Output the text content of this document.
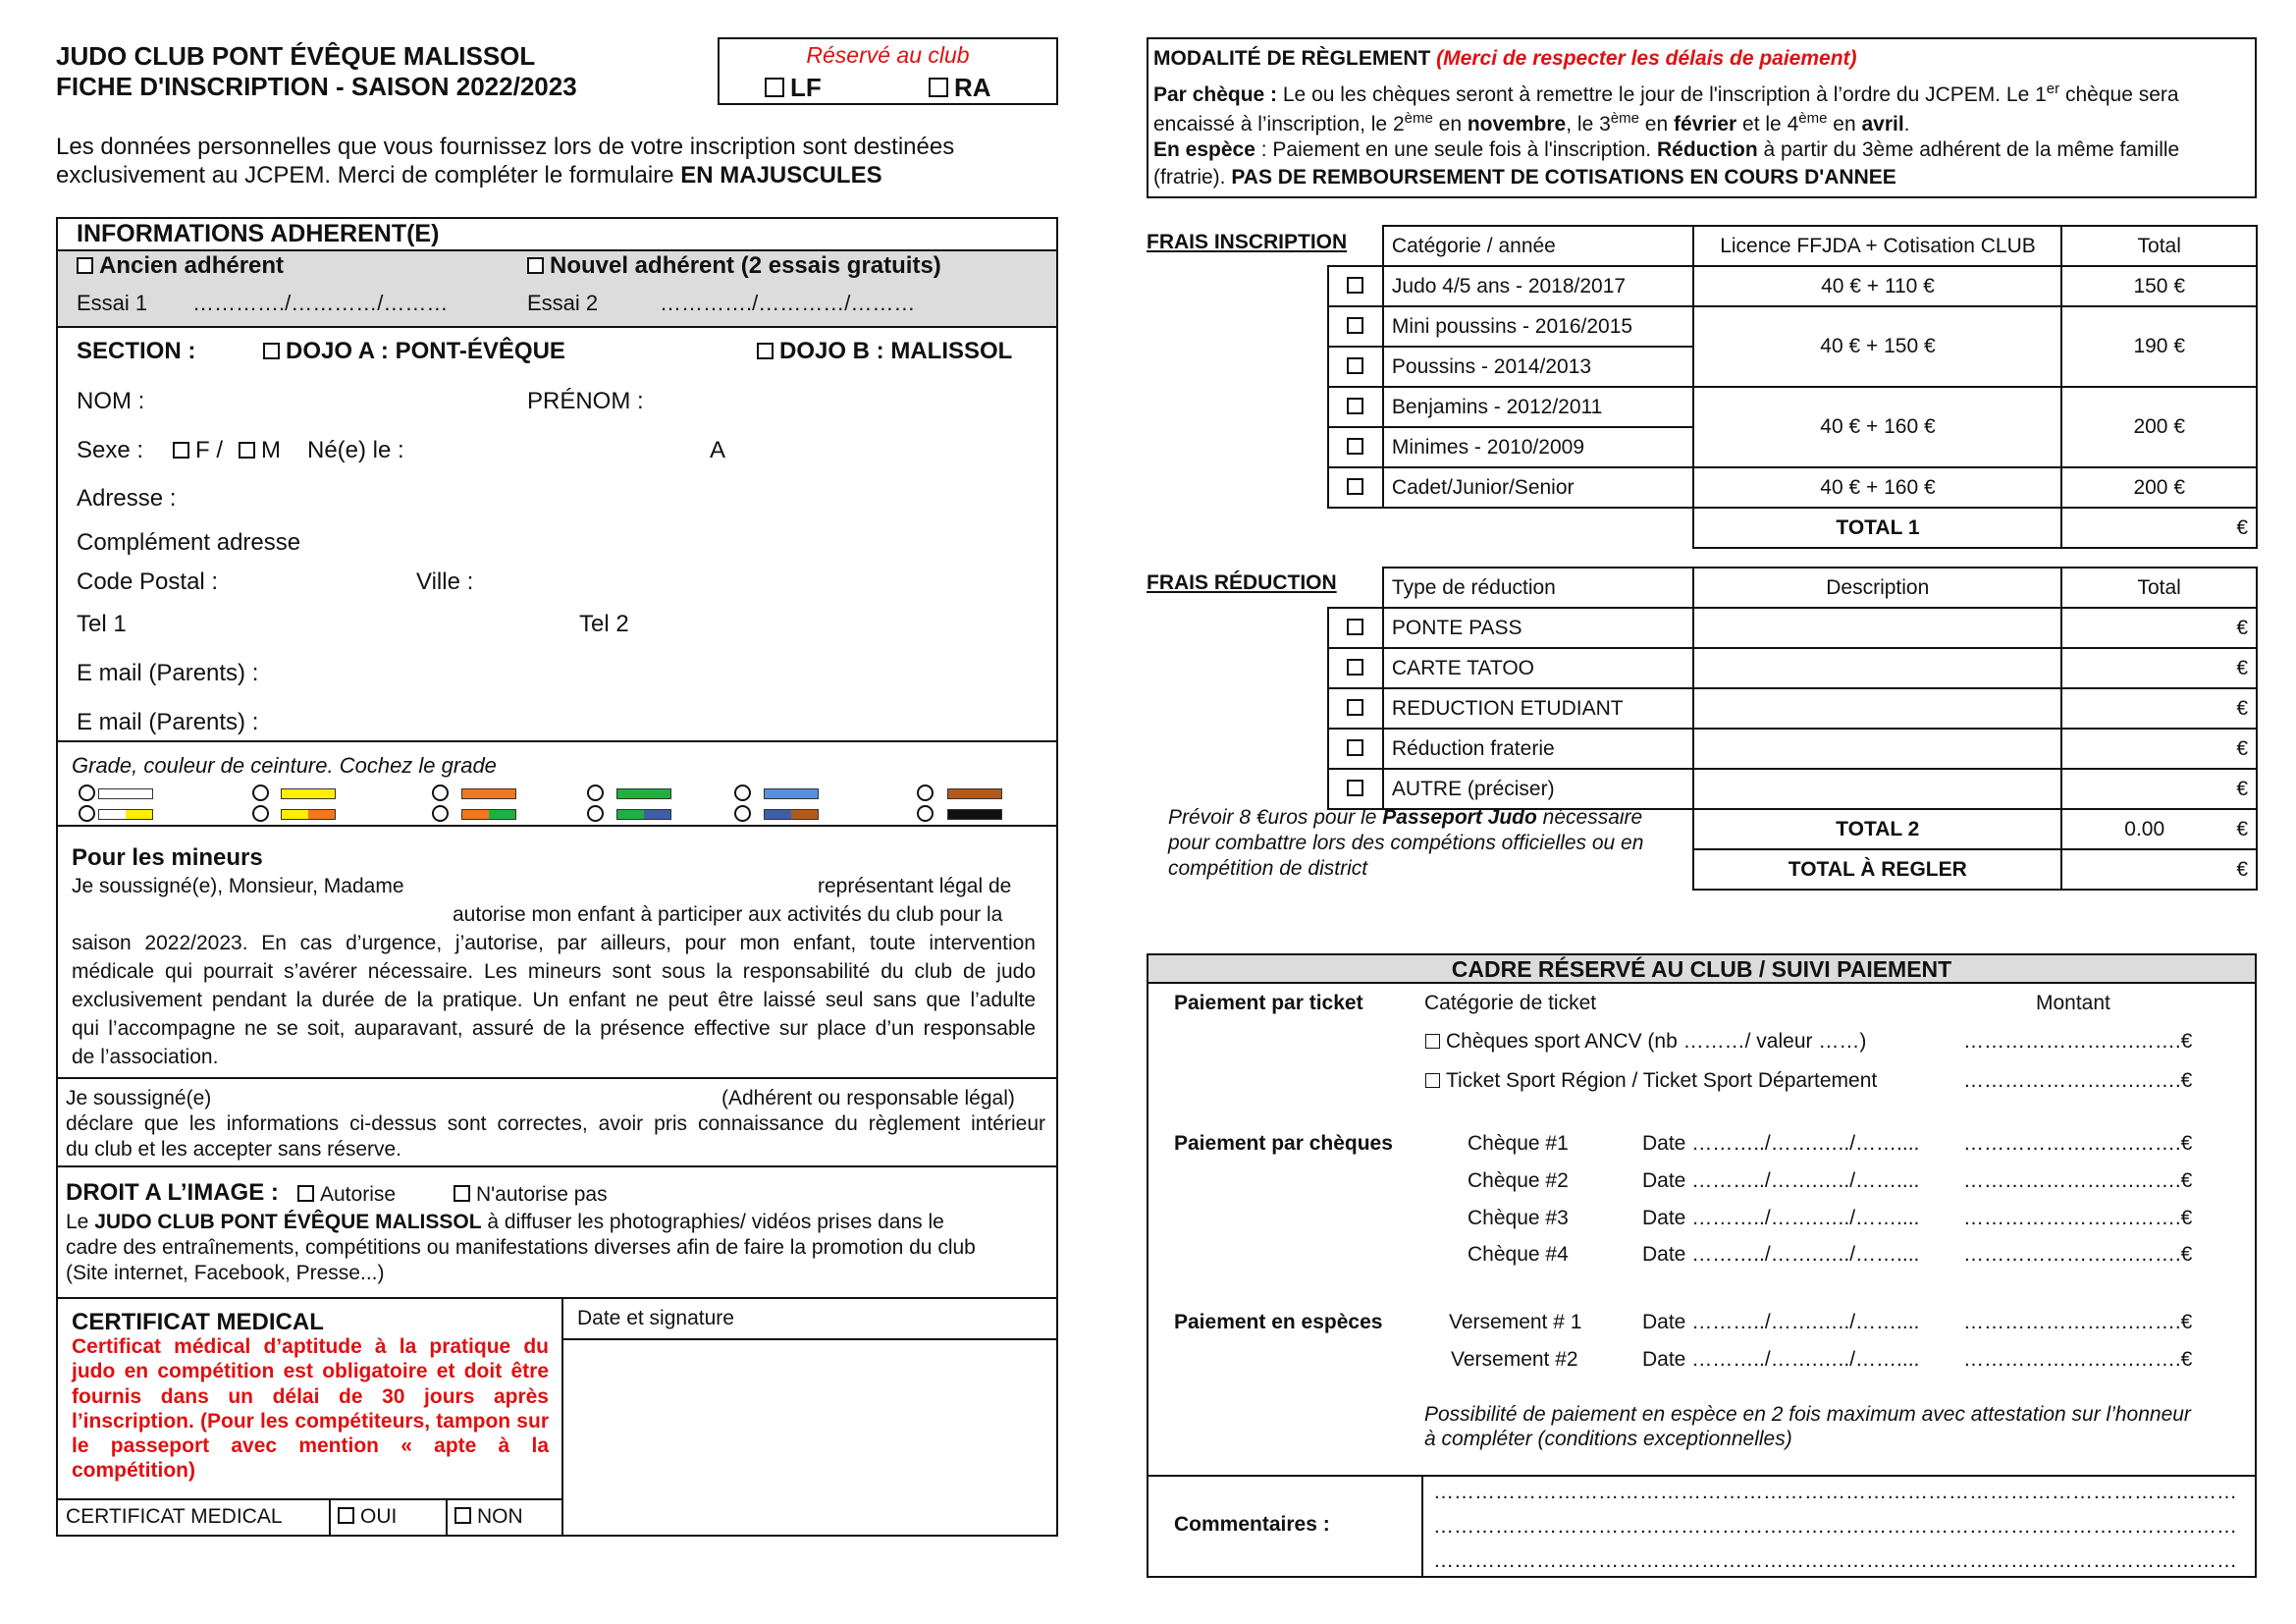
JUDO CLUB PONT ÉVÊQUE MALISSOL
FICHE D'INSCRIPTION - SAISON 2022/2023
Réservé au club
LF	RA
Les données personnelles que vous fournissez lors de votre inscription sont destinées
exclusivement au JCPEM. Merci de compléter le formulaire EN MAJUSCULES
INFORMATIONS ADHERENT(E)
Ancien adhérent	Nouvel adhérent (2 essais gratuits)
Essai 1 …………./…………/………	Essai 2	…………./…………/………
SECTION :	DOJO A : PONT-ÉVÊQUE	DOJO B : MALISSOL
NOM :	PRÉNOM :
Sexe :	F /	M Né(e) le :	A
Adresse :
Complément adresse
Code Postal :	Ville :
Tel 1	Tel 2
E mail (Parents) :
E mail (Parents) :
Grade, couleur de ceinture. Cochez le grade
Pour les mineurs
Je soussigné(e), Monsieur, Madame	représentant légal de
autorise mon enfant à participer aux activités du club pour la
saison 2022/2023. En cas d’urgence, j’autorise, par ailleurs, pour mon enfant, toute intervention
médicale qui pourrait s’avérer nécessaire. Les mineurs sont sous la responsabilité du club de judo
exclusivement pendant la durée de la pratique. Un enfant ne peut être laissé seul sans que l’adulte
qui l’accompagne ne se soit, auparavant, assuré de la présence effective sur place d’un responsable
de l’association.
Je soussigné(e)	(Adhérent ou responsable légal)
déclare que les informations ci-dessus sont correctes, avoir pris connaissance du règlement intérieur
du club et les accepter sans réserve.
DROIT A L’IMAGE :	Autorise	N'autorise pas
Le JUDO CLUB PONT ÉVÊQUE MALISSOL à diffuser les photographies/ vidéos prises dans le
cadre des entraînements, compétitions ou manifestations diverses afin de faire la promotion du club
(Site internet, Facebook, Presse...)
CERTIFICAT MEDICAL
Certificat médical d’aptitude à la pratique du judo en compétition est obligatoire et doit être fournis dans un délai de 30 jours après l’inscription. (Pour les compétiteurs, tampon sur le passeport avec mention « apte à la compétition)
Date et signature
CERTIFICAT MEDICAL	OUI	NON
MODALITÉ DE RÈGLEMENT (Merci de respecter les délais de paiement)
Par chèque : Le ou les chèques seront à remettre le jour de l'inscription à l’ordre du JCPEM. Le 1er chèque sera
encaissé à l’inscription, le 2ème en novembre, le 3ème en février et le 4ème en avril.
En espèce : Paiement en une seule fois à l'inscription. Réduction à partir du 3ème adhérent de la même famille
(fratrie). PAS DE REMBOURSEMENT DE COTISATIONS EN COURS D'ANNEE
FRAIS INSCRIPTION
	Catégorie / année	Licence FFJDA + Cotisation CLUB	Total
	Judo 4/5 ans - 2018/2017	40 € + 110 €	150 €
	Mini poussins - 2016/2015	40 € + 150 €	190 €
	Poussins - 2014/2013		
	Benjamins - 2012/2011	40 € + 160 €	200 €
	Minimes - 2010/2009		
	Cadet/Junior/Senior	40 € + 160 €	200 €
		TOTAL 1	€
FRAIS RÉDUCTION
		Type de réduction	Description	Total
	PONTE PASS		€
	CARTE TATOO		€
	REDUCTION ETUDIANT		€
	Réduction fraterie		€
	AUTRE (préciser)		€
		TOTAL 2	0.00 €

		TOTAL À REGLER	€
Prévoir 8 €uros pour le Passeport Judo nécessaire
pour combattre lors des compétions officielles ou en
compétition de district
CADRE RÉSERVÉ AU CLUB / SUIVI PAIEMENT
Paiement par ticket	Catégorie de ticket	Montant
Chèques sport ANCV (nb ………/ valeur ……)	…………………….…….€
Ticket Sport Région / Ticket Sport Département	…………………….…….€
Paiement par chèques	Chèque #1	Date ………../…….…../…….... …………………….…….€
Chèque #2	Date ………../…….…../…….... …………………….…….€
Chèque #3	Date ………../…….…../…….... …………………….…….€
Chèque #4	Date ………../…….…../…….... …………………….…….€
Paiement en espèces	Versement # 1	Date ………../…….…../…….... …………………….…….€
Versement #2	Date ………../…….…../…….... …………………….…….€
Possibilité de paiement en espèce en 2 fois maximum avec attestation sur l’honneur
à compléter (conditions exceptionnelles)
Commentaires :
………………………………………………………………………………………………………
………………………………………………………………………………………………………
………………………………………………………………………………………………………
